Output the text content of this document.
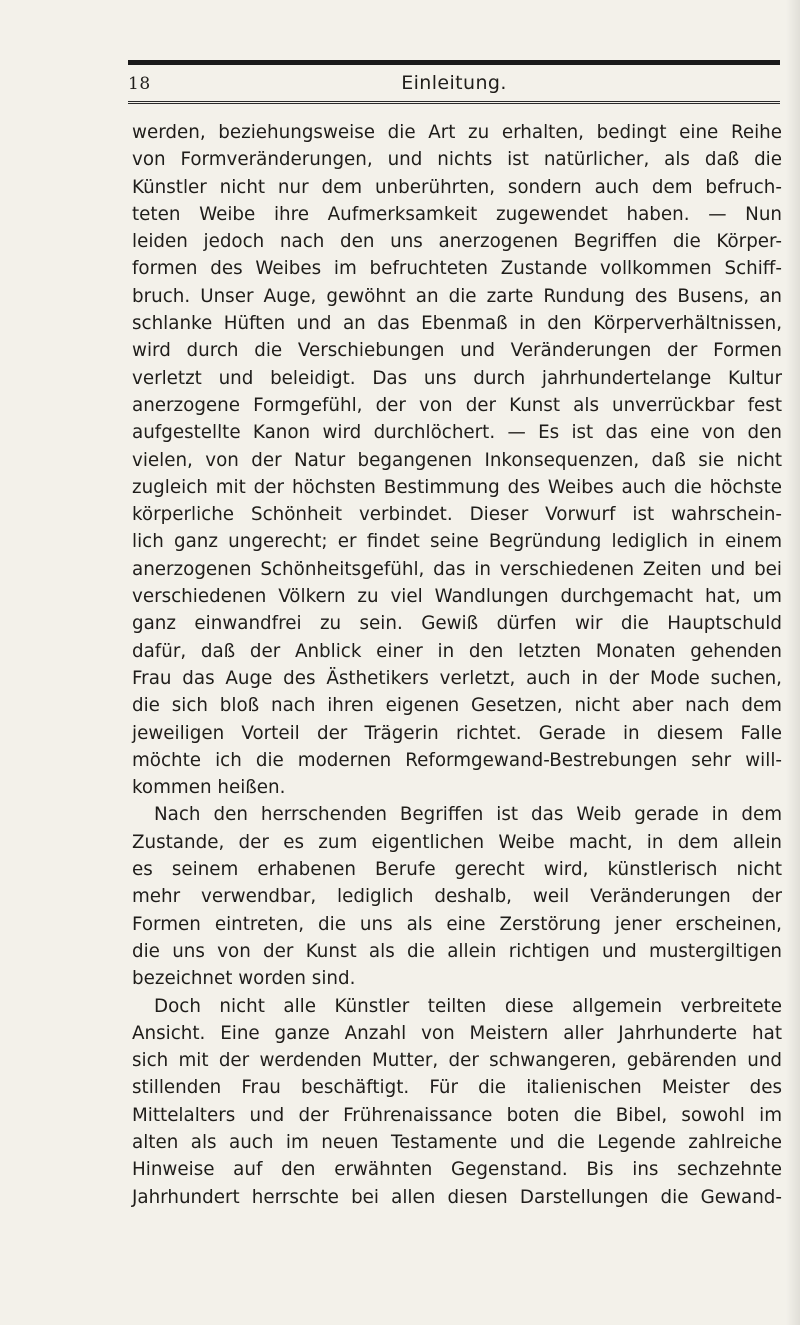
18	Einleitung.
werden, beziehungsweise die Art zu erhalten, bedingt eine Reihe
von Formveränderungen, und nichts ist natürlicher, als daß die
Künstler nicht nur dem unberührten, sondern auch dem befruch-
teten Weibe ihre Aufmerksamkeit zugewendet haben. — Nun
leiden jedoch nach den uns anerzogenen Begriffen die Körper-
formen des Weibes im befruchteten Zustande vollkommen Schiff-
bruch. Unser Auge, gewöhnt an die zarte Rundung des Busens, an
schlanke Hüften und an das Ebenmaß in den Körperverhältnissen,
wird durch die Verschiebungen und Veränderungen der Formen
verletzt und beleidigt. Das uns durch jahrhundertelange Kultur
anerzogene Formgefühl, der von der Kunst als unverrückbar fest
aufgestellte Kanon wird durchlöchert. — Es ist das eine von den
vielen, von der Natur begangenen Inkonsequenzen, daß sie nicht
zugleich mit der höchsten Bestimmung des Weibes auch die höchste
körperliche Schönheit verbindet. Dieser Vorwurf ist wahrschein-
lich ganz ungerecht; er findet seine Begründung lediglich in einem
anerzogenen Schönheitsgefühl, das in verschiedenen Zeiten und bei
verschiedenen Völkern zu viel Wandlungen durchgemacht hat, um
ganz einwandfrei zu sein. Gewiß dürfen wir die Hauptschuld
dafür, daß der Anblick einer in den letzten Monaten gehenden
Frau das Auge des Ästhetikers verletzt, auch in der Mode suchen,
die sich bloß nach ihren eigenen Gesetzen, nicht aber nach dem
jeweiligen Vorteil der Trägerin richtet. Gerade in diesem Falle
möchte ich die modernen Reformgewand-Bestrebungen sehr will-
kommen heißen.
Nach den herrschenden Begriffen ist das Weib gerade in dem
Zustande, der es zum eigentlichen Weibe macht, in dem allein
es seinem erhabenen Berufe gerecht wird, künstlerisch nicht
mehr verwendbar, lediglich deshalb, weil Veränderungen der
Formen eintreten, die uns als eine Zerstörung jener erscheinen,
die uns von der Kunst als die allein richtigen und mustergiltigen
bezeichnet worden sind.
Doch nicht alle Künstler teilten diese allgemein verbreitete
Ansicht. Eine ganze Anzahl von Meistern aller Jahrhunderte hat
sich mit der werdenden Mutter, der schwangeren, gebärenden und
stillenden Frau beschäftigt. Für die italienischen Meister des
Mittelalters und der Frührenaissance boten die Bibel, sowohl im
alten als auch im neuen Testamente und die Legende zahlreiche
Hinweise auf den erwähnten Gegenstand. Bis ins sechzehnte
Jahrhundert herrschte bei allen diesen Darstellungen die Gewand-
